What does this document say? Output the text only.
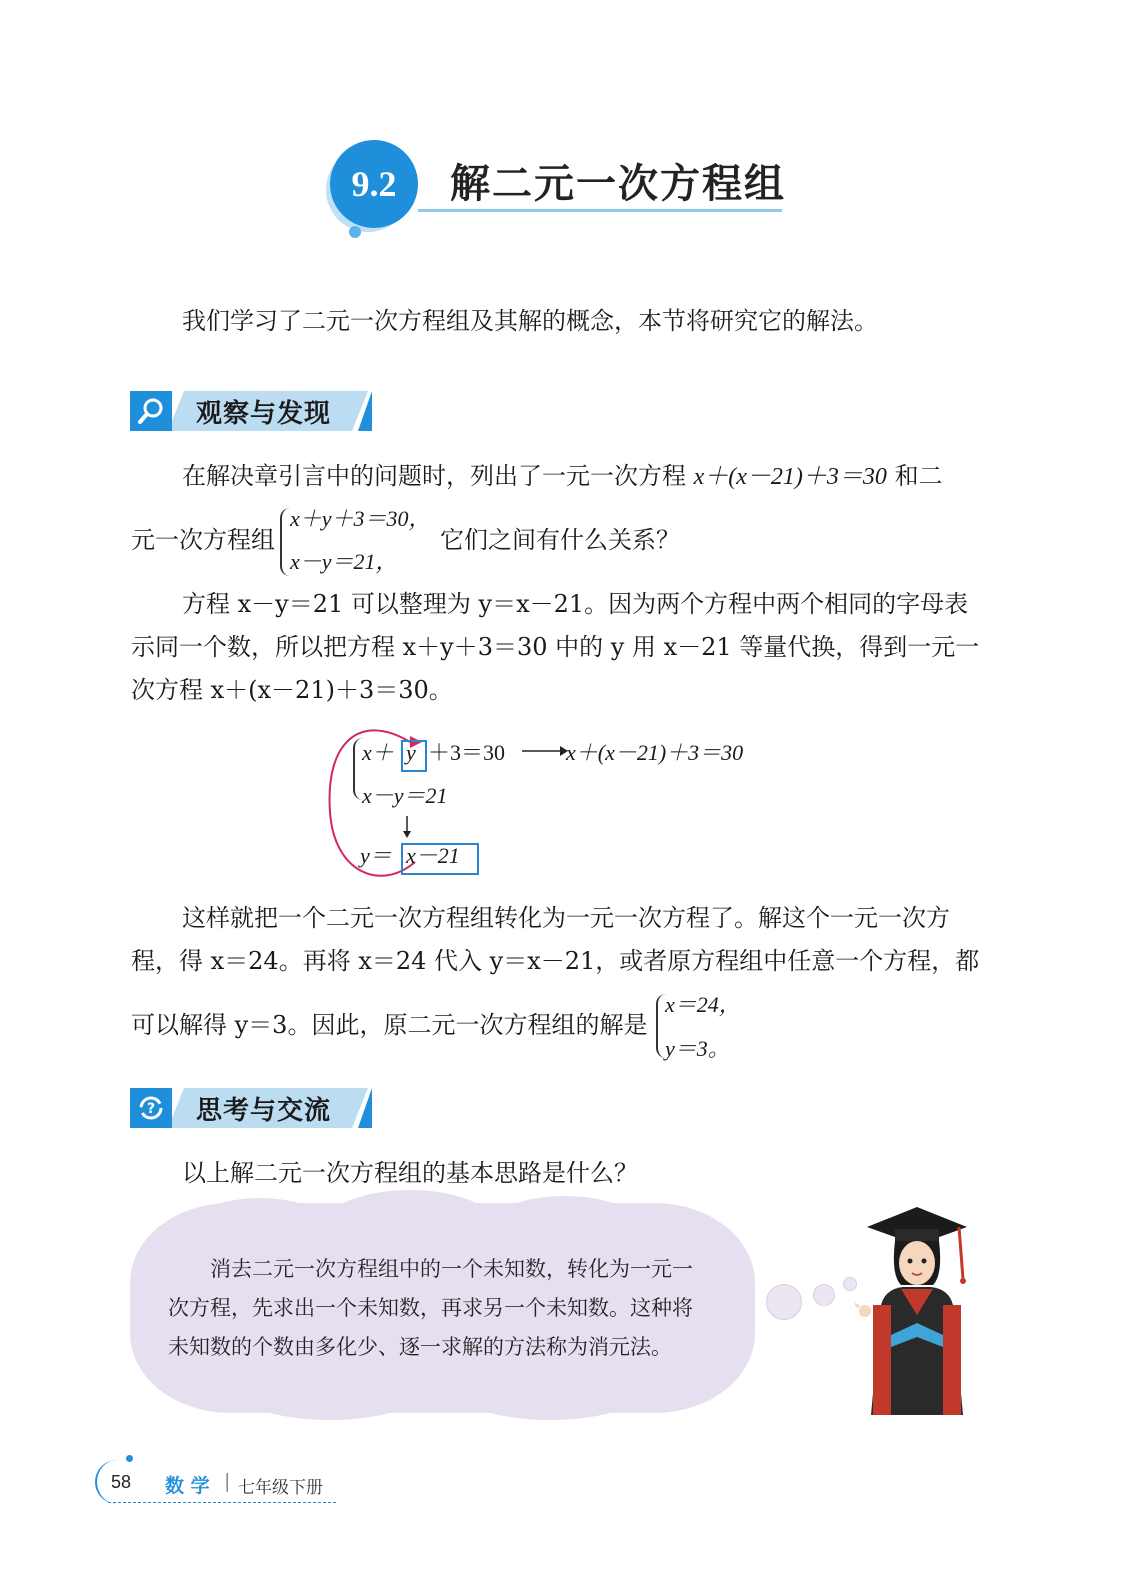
9.2 解二元一次方程组
我们学习了二元一次方程组及其解的概念，本节将研究它的解法。
观察与发现
在解决章引言中的问题时，列出了一元一次方程 x＋(x－21)＋3＝30 和二
元一次方程组
x＋y＋3＝30，
x－y＝21，
它们之间有什么关系？
方程 x－y＝21 可以整理为 y＝x－21。因为两个方程中两个相同的字母表
示同一个数，所以把方程 x＋y＋3＝30 中的 y 用 x－21 等量代换，得到一元一
次方程 x＋(x－21)＋3＝30。
x＋ y ＋3＝30	x＋(x－21)＋3＝30
x－y＝21
y＝ x－21
这样就把一个二元一次方程组转化为一元一次方程了。解这个一元一次方
程，得 x＝24。再将 x＝24 代入 y＝x－21，或者原方程组中任意一个方程，都
可以解得 y＝3。因此，原二元一次方程组的解是
x＝24，
y＝3。
? 思考与交流
以上解二元一次方程组的基本思路是什么？
消去二元一次方程组中的一个未知数，转化为一元一
次方程，先求出一个未知数，再求另一个未知数。这种将
未知数的个数由多化少、逐一求解的方法称为消元法。
58 数 学 | 七年级下册
